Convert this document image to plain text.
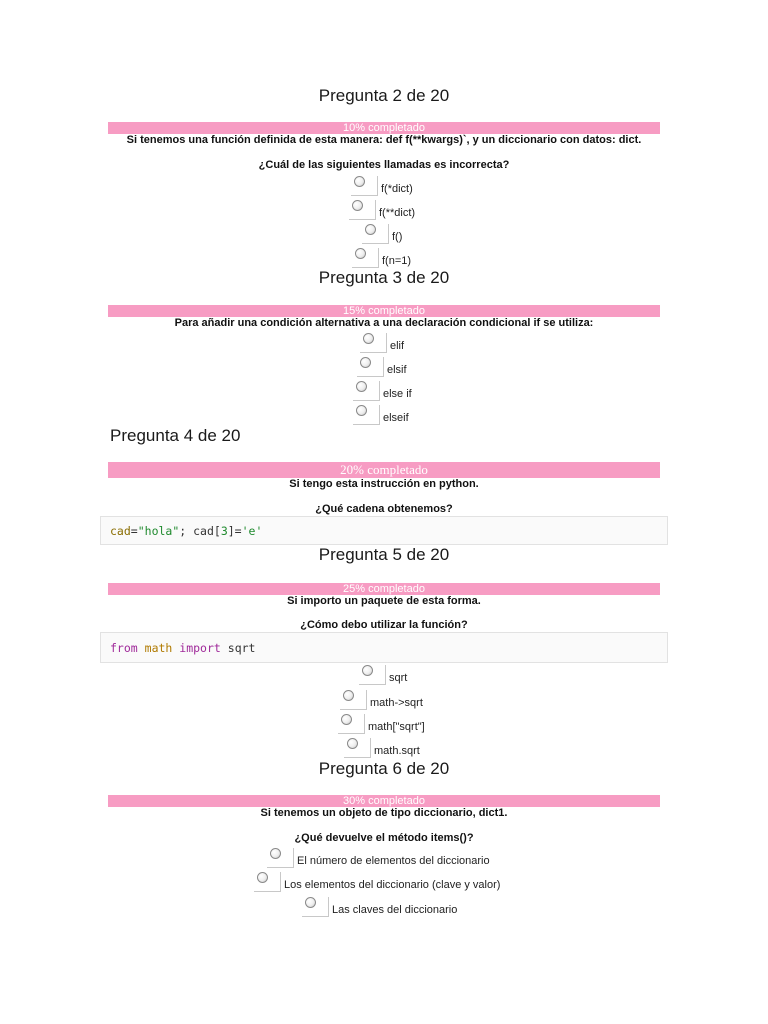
Pregunta 2 de 20
10% completado
Si tenemos una función definida de esta manera: def f(**kwargs)`, y un diccionario con datos: dict.
¿Cuál de las siguientes llamadas es incorrecta?
f(*dict)
f(**dict)
f()
f(n=1)
Pregunta 3 de 20
15% completado
Para añadir una condición alternativa a una declaración condicional if se utiliza:
elif
elsif
else if
elseif
Pregunta 4 de 20
20% completado
Si tengo esta instrucción en python.
¿Qué cadena obtenemos?
cad="hola"; cad[3]='e'
Pregunta 5 de 20
25% completado
Si importo un paquete de esta forma.
¿Cómo debo utilizar la función?
from math import sqrt
sqrt
math->sqrt
math["sqrt"]
math.sqrt
Pregunta 6 de 20
30% completado
Si tenemos un objeto de tipo diccionario, dict1.
¿Qué devuelve el método items()?
El número de elementos del diccionario
Los elementos del diccionario (clave y valor)
Las claves del diccionario
